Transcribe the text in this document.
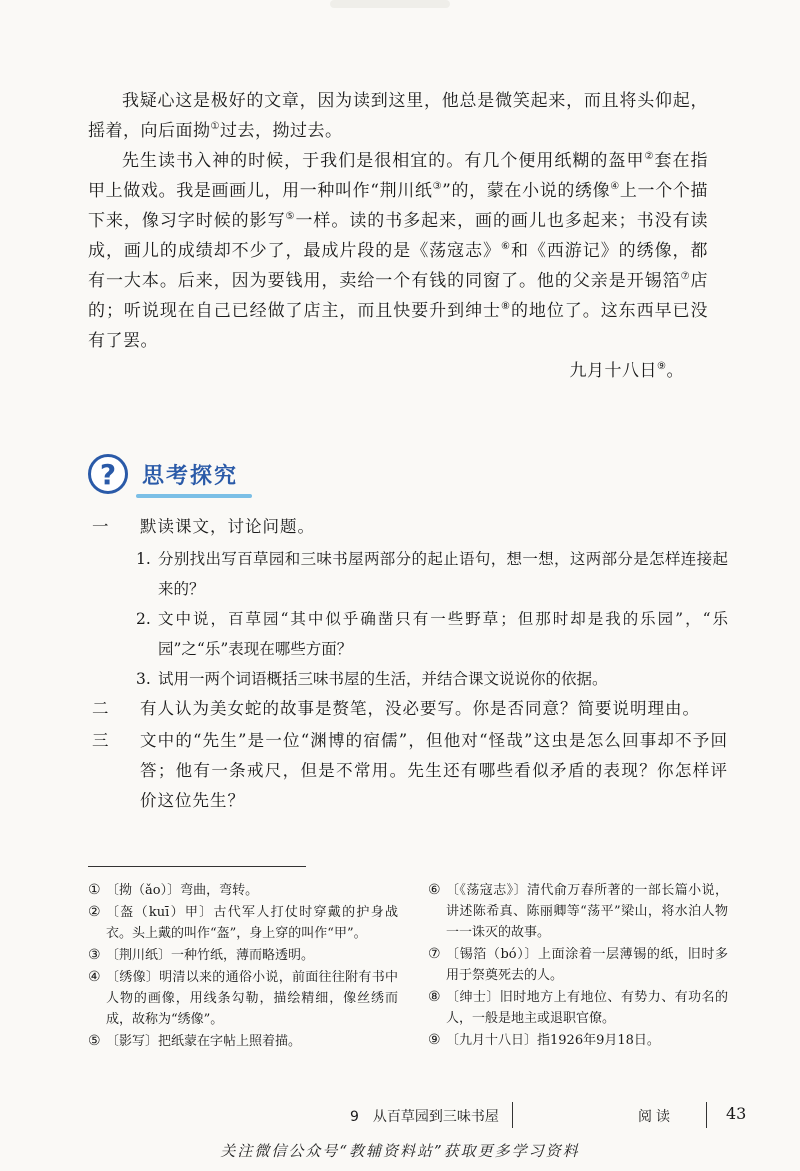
我疑心这是极好的文章，因为读到这里，他总是微笑起来，而且将头仰起，摇着，向后面拗①过去，拗过去。

先生读书入神的时候，于我们是很相宜的。有几个便用纸糊的盔甲②套在指甲上做戏。我是画画儿，用一种叫作“荆川纸③”的，蒙在小说的绣像④上一个个描下来，像习字时候的影写⑤一样。读的书多起来，画的画儿也多起来；书没有读成，画儿的成绩却不少了，最成片段的是《荡寇志》⑥和《西游记》的绣像，都有一大本。后来，因为要钱用，卖给一个有钱的同窗了。他的父亲是开锡箔⑦店的；听说现在自己已经做了店主，而且快要升到绅士⑧的地位了。这东西早已没有了罢。

九月十八日⑨。

?	思考探究
一	默读课文，讨论问题。
1. 分别找出写百草园和三味书屋两部分的起止语句，想一想，这两部分是怎样连接起来的？
2. 文中说，百草园“其中似乎确凿只有一些野草；但那时却是我的乐园”，“乐园”之“乐”表现在哪些方面？
3. 试用一两个词语概括三味书屋的生活，并结合课文说说你的依据。
二	有人认为美女蛇的故事是赘笔，没必要写。你是否同意？简要说明理由。
三	文中的“先生”是一位“渊博的宿儒”，但他对“怪哉”这虫是怎么回事却不予回答；他有一条戒尺，但是不常用。先生还有哪些看似矛盾的表现？你怎样评价这位先生？
① 〔拗（ǎo）〕弯曲，弯转。
② 〔盔（kuī）甲〕古代军人打仗时穿戴的护身战衣。头上戴的叫作“盔”，身上穿的叫作“甲”。
③ 〔荆川纸〕一种竹纸，薄而略透明。
④ 〔绣像〕明清以来的通俗小说，前面往往附有书中人物的画像，用线条勾勒，描绘精细，像丝绣而成，故称为“绣像”。
⑤ 〔影写〕把纸蒙在字帖上照着描。
⑥ 〔《荡寇志》〕清代俞万春所著的一部长篇小说，讲述陈希真、陈丽卿等“荡平”梁山，将水泊人物一一诛灭的故事。
⑦ 〔锡箔（bó）〕上面涂着一层薄锡的纸，旧时多用于祭奠死去的人。
⑧ 〔绅士〕旧时地方上有地位、有势力、有功名的人，一般是地主或退职官僚。
⑨ 〔九月十八日〕指1926年9月18日。
9　从百草园到三味书屋	阅读	43
关注微信公众号“教辅资料站”获取更多学习资料
